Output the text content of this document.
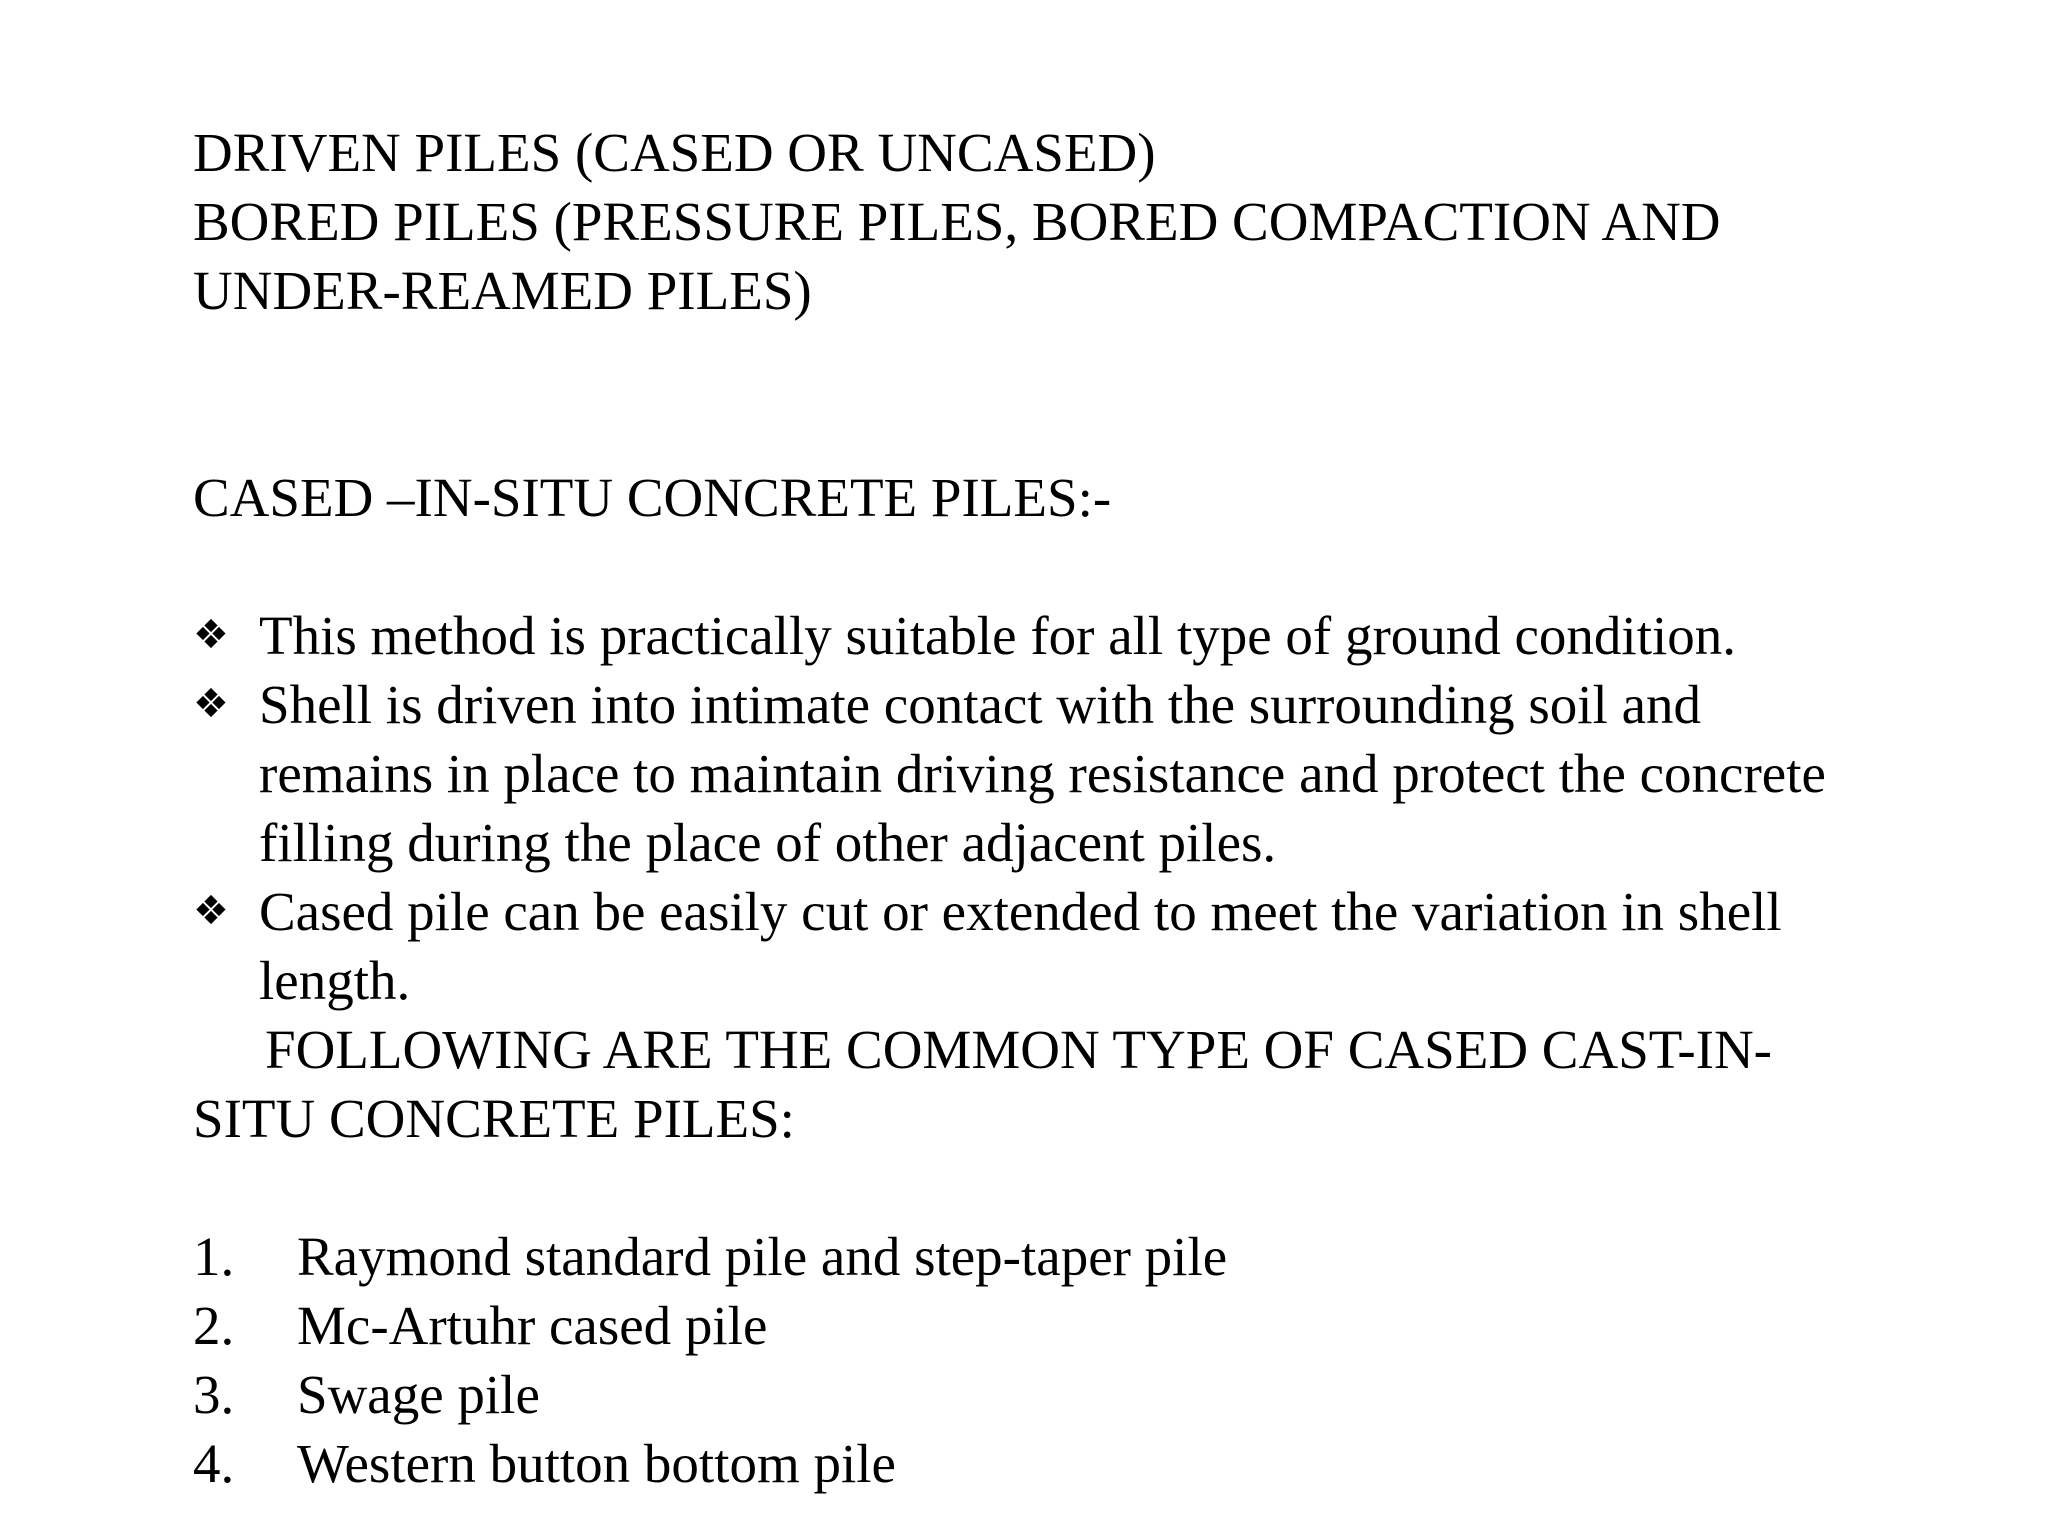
DRIVEN PILES (CASED OR UNCASED)
BORED PILES (PRESSURE PILES, BORED COMPACTION AND
UNDER-REAMED PILES)
CASED –IN-SITU CONCRETE PILES:-
❖ This method is practically suitable for all type of ground condition.
❖ Shell is driven into intimate contact with the surrounding soil and
remains in place to maintain driving resistance and protect the concrete
filling during the place of other adjacent piles.
❖ Cased pile can be easily cut or extended to meet the variation in shell
length.
FOLLOWING ARE THE COMMON TYPE OF CASED CAST-IN-
SITU CONCRETE PILES:
1. Raymond standard pile and step-taper pile
2. Mc-Artuhr cased pile
3. Swage pile
4. Western button bottom pile
